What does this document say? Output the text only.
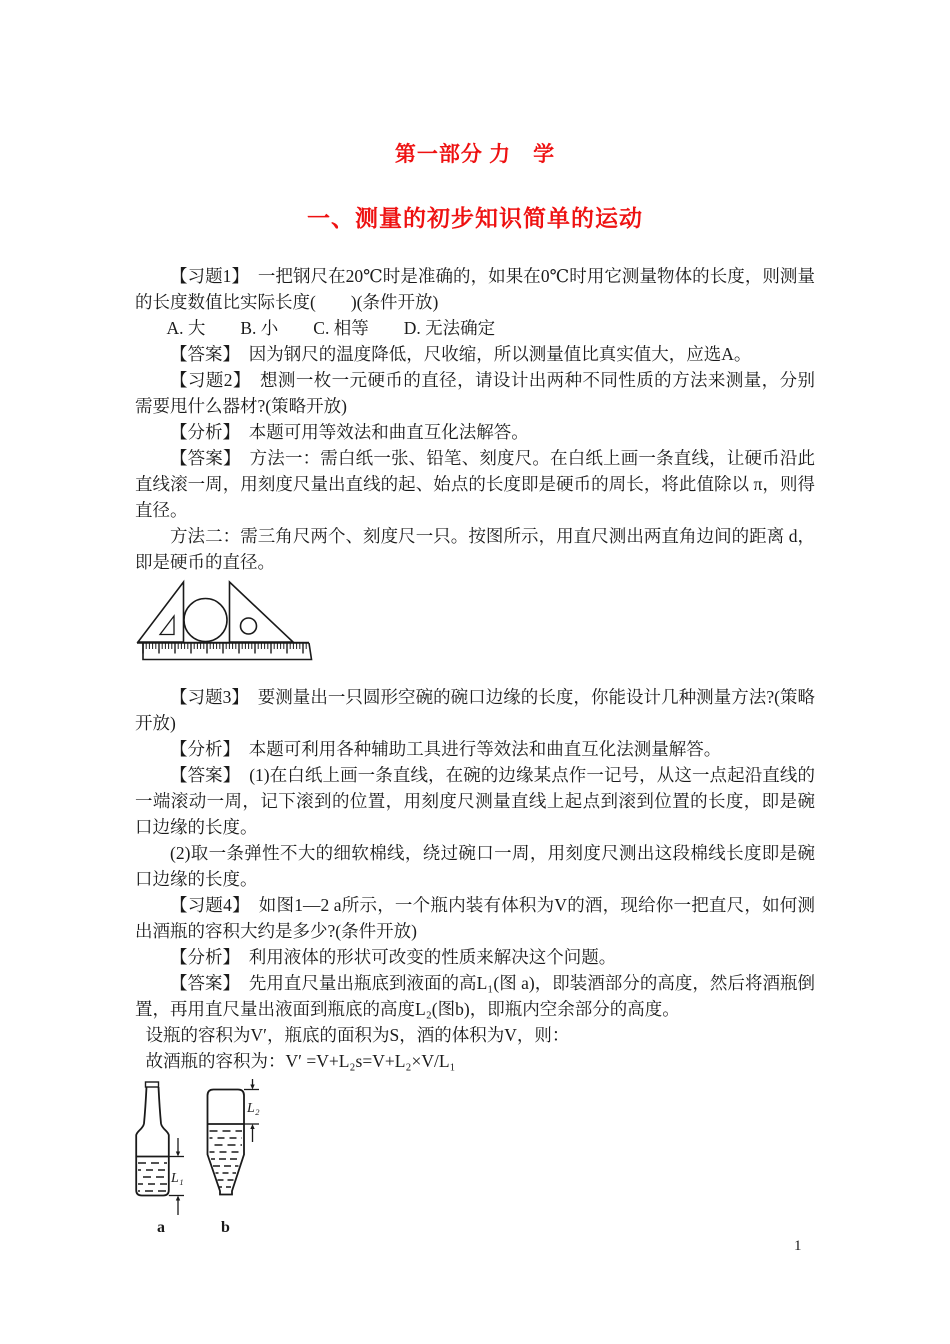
第一部分 力　学
一、测量的初步知识简单的运动

【习题1】　一把钢尺在20℃时是准确的，如果在0℃时用它测量物体的长度，则测量的长度数值比实际长度(　　)(条件开放)

A. 大　　B. 小　　C. 相等　　D. 无法确定

【答案】　因为钢尺的温度降低，尺收缩，所以测量值比真实值大，应选A。

【习题2】　想测一枚一元硬币的直径，请设计出两种不同性质的方法来测量，分别需要甩什么器材?(策略开放)

【分析】　本题可用等效法和曲直互化法解答。

【答案】　方法一：需白纸一张、铅笔、刻度尺。在白纸上画一条直线，让硬币沿此直线滚一周，用刻度尺量出直线的起、始点的长度即是硬币的周长，将此值除以 π，则得直径。

方法二：需三角尺两个、刻度尺一只。按图所示，用直尺测出两直角边间的距离 d，即是硬币的直径。

【习题3】　要测量出一只圆形空碗的碗口边缘的长度，你能设计几种测量方法?(策略开放)

【分析】　本题可利用各种辅助工具进行等效法和曲直互化法测量解答。

【答案】　(1)在白纸上画一条直线，在碗的边缘某点作一记号，从这一点起沿直线的一端滚动一周，记下滚到的位置，用刻度尺测量直线上起点到滚到位置的长度，即是碗口边缘的长度。

(2)取一条弹性不大的细软棉线，绕过碗口一周，用刻度尺测出这段棉线长度即是碗口边缘的长度。

【习题4】　如图1—2 a所示，一个瓶内装有体积为V的酒，现给你一把直尺，如何测出酒瓶的容积大约是多少?(条件开放)

【分析】　利用液体的形状可改变的性质来解决这个问题。

【答案】　先用直尺量出瓶底到液面的高L₁(图 a)，即装酒部分的高度，然后将酒瓶倒置，再用直尺量出液面到瓶底的高度L₂(图b)，即瓶内空余部分的高度。

设瓶的容积为V′，瓶底的面积为S，酒的体积为V，则：

故酒瓶的容积为：V′ =V+L₂s=V+L₂×V/L₁

L₁
L₂
a	b
1
